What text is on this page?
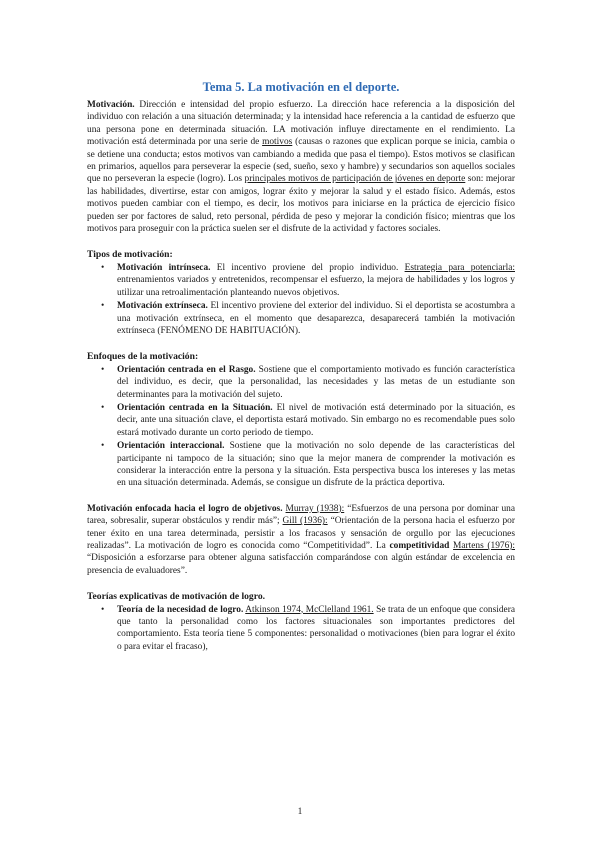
Tema 5. La motivación en el deporte.

Motivación. Dirección e intensidad del propio esfuerzo. La dirección hace referencia a la disposición del individuo con relación a una situación determinada; y la intensidad hace referencia a la cantidad de esfuerzo que una persona pone en determinada situación. LA motivación influye directamente en el rendimiento. La motivación está determinada por una serie de motivos (causas o razones que explican porque se inicia, cambia o se detiene una conducta; estos motivos van cambiando a medida que pasa el tiempo). Estos motivos se clasifican en primarios, aquellos para perseverar la especie (sed, sueño, sexo y hambre) y secundarios son aquellos sociales que no perseveran la especie (logro). Los principales motivos de participación de jóvenes en deporte son: mejorar las habilidades, divertirse, estar con amigos, lograr éxito y mejorar la salud y el estado físico. Además, estos motivos pueden cambiar con el tiempo, es decir, los motivos para iniciarse en la práctica de ejercicio físico pueden ser por factores de salud, reto personal, pérdida de peso y mejorar la condición físico; mientras que los motivos para proseguir con la práctica suelen ser el disfrute de la actividad y factores sociales.

Tipos de motivación:
• Motivación intrínseca. El incentivo proviene del propio individuo. Estrategia para potenciarla: entrenamientos variados y entretenidos, recompensar el esfuerzo, la mejora de habilidades y los logros y utilizar una retroalimentación planteando nuevos objetivos.
• Motivación extrínseca. El incentivo proviene del exterior del individuo. Si el deportista se acostumbra a una motivación extrínseca, en el momento que desaparezca, desaparecerá también la motivación extrínseca (FENÓMENO DE HABITUACIÓN).
Enfoques de la motivación:
• Orientación centrada en el Rasgo. Sostiene que el comportamiento motivado es función característica del individuo, es decir, que la personalidad, las necesidades y las metas de un estudiante son determinantes para la motivación del sujeto.
• Orientación centrada en la Situación. El nivel de motivación está determinado por la situación, es decir, ante una situación clave, el deportista estará motivado. Sin embargo no es recomendable pues solo estará motivado durante un corto periodo de tiempo.
• Orientación interaccional. Sostiene que la motivación no solo depende de las características del participante ni tampoco de la situación; sino que la mejor manera de comprender la motivación es considerar la interacción entre la persona y la situación. Esta perspectiva busca los intereses y las metas en una situación determinada. Además, se consigue un disfrute de la práctica deportiva.

Motivación enfocada hacia el logro de objetivos. Murray (1938): “Esfuerzos de una persona por dominar una tarea, sobresalir, superar obstáculos y rendir más”; Gill (1936): “Orientación de la persona hacia el esfuerzo por tener éxito en una tarea determinada, persistir a los fracasos y sensación de orgullo por las ejecuciones realizadas”. La motivación de logro es conocida como “Competitividad”. La competitividad Martens (1976): “Disposición a esforzarse para obtener alguna satisfacción comparándose con algún estándar de excelencia en presencia de evaluadores”.

Teorías explicativas de motivación de logro.
• Teoría de la necesidad de logro. Atkinson 1974, McClelland 1961. Se trata de un enfoque que considera que tanto la personalidad como los factores situacionales son importantes predictores del comportamiento. Esta teoría tiene 5 componentes: personalidad o motivaciones (bien para lograr el éxito o para evitar el fracaso),
1
